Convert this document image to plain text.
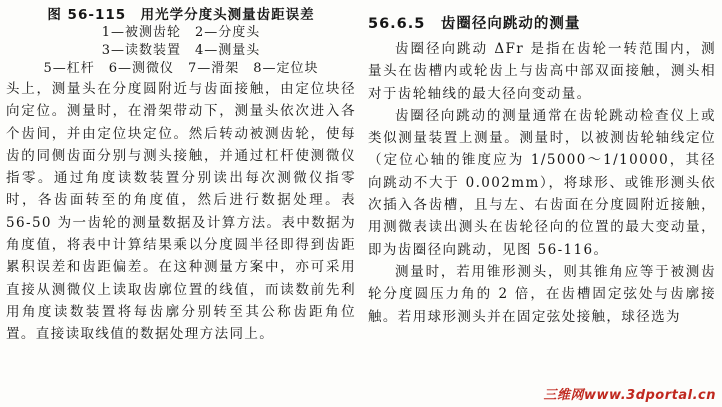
图 56-115　用光学分度头测量齿距误差
1—被测齿轮　2—分度头
3—读数装置　4—测量头
5—杠杆　6—测微仪　7—滑架　8—定位块

头上，测量头在分度圆附近与齿面接触，由定位块径向定位。测量时，在滑架带动下，测量头依次进入各个齿间，并由定位块定位。然后转动被测齿轮，使每齿的同侧齿面分别与测头接触，并通过杠杆使测微仪指零。通过角度读数装置分别读出每次测微仪指零时，各齿面转至的角度值，然后进行数据处理。表 56-50 为一齿轮的测量数据及计算方法。表中数据为角度值，将表中计算结果乘以分度圆半径即得到齿距累积误差和齿距偏差。在这种测量方案中，亦可采用直接从测微仪上读取齿廓位置的线值，而读数前先利用角度读数装置将每齿廓分别转至其公称齿距角位置。直接读取线值的数据处理方法同上。

56.6.5　齿圈径向跳动的测量

齿圈径向跳动 ΔFr 是指在齿轮一转范围内，测量头在齿槽内或轮齿上与齿高中部双面接触，测头相对于齿轮轴线的最大径向变动量。

齿圈径向跳动的测量通常在齿轮跳动检查仪上或类似测量装置上测量。测量时，以被测齿轮轴线定位（定位心轴的锥度应为 1/5000～1/10000，其径向跳动不大于 0.002mm），将球形、或锥形测头依次插入各齿槽，且与左、右齿面在分度圆附近接触，用测微表读出测头在齿轮径向的位置的最大变动量，即为齿圈径向跳动，见图 56-116。

测量时，若用锥形测头，则其锥角应等于被测齿轮分度圆压力角的 2 倍，在齿槽固定弦处与齿廓接触。若用球形测头并在固定弦处接触，球径选为

三维网www.3dportal.cn
